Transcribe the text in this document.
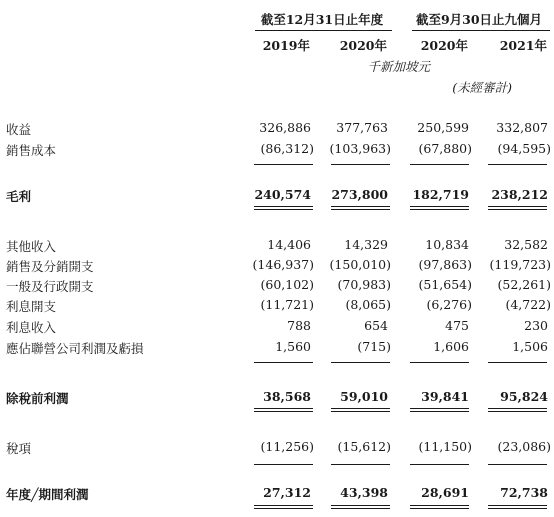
截至12月31日止年度	截至9月30日止九個月
2019年	2020年	2020年	2021年
千新加坡元
(未經審計)
收益	326,886	377,763	250,599	332,807
銷售成本	(86,312)	(103,963)	(67,880)	(94,595)
毛利	240,574	273,800	182,719	238,212
其他收入	14,406	14,329	10,834	32,582
銷售及分銷開支	(146,937)	(150,010)	(97,863)	(119,723)
一般及行政開支	(60,102)	(70,983)	(51,654)	(52,261)
利息開支	(11,721)	(8,065)	(6,276)	(4,722)
利息收入	788	654	475	230
應佔聯營公司利潤及虧損	1,560	(715)	1,606	1,506
除稅前利潤	38,568	59,010	39,841	95,824
稅項	(11,256)	(15,612)	(11,150)	(23,086)
年度╱期間利潤	27,312	43,398	28,691	72,738
